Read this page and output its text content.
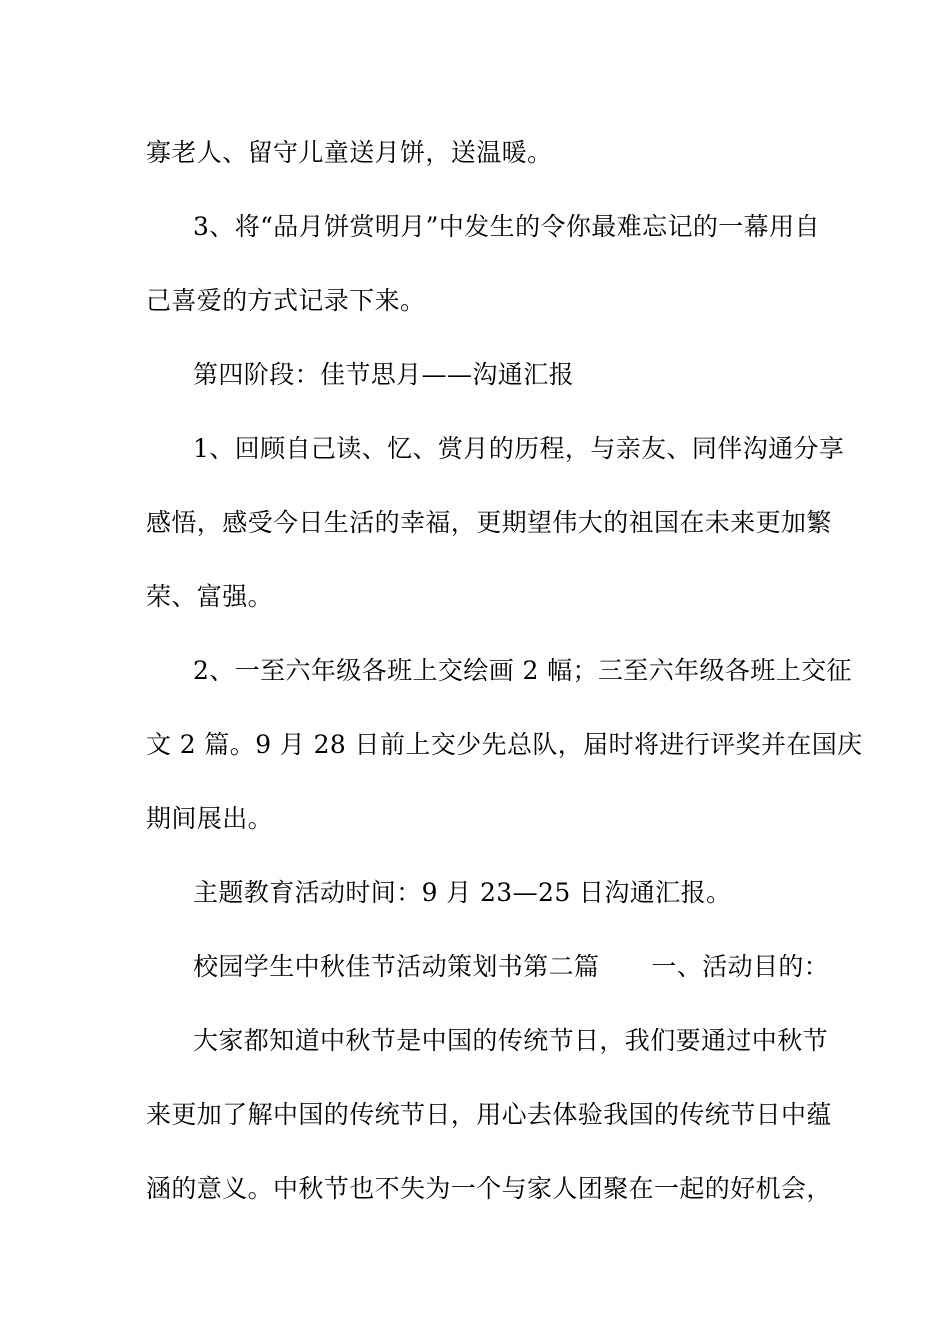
寡老人、留守儿童送月饼，送温暖。
3、将“品月饼赏明月”中发生的令你最难忘记的一幕用自
己喜爱的方式记录下来。
第四阶段：佳节思月——沟通汇报
1、回顾自己读、忆、赏月的历程，与亲友、同伴沟通分享
感悟，感受今日生活的幸福，更期望伟大的祖国在未来更加繁
荣、富强。
2、一至六年级各班上交绘画 2 幅；三至六年级各班上交征
文 2 篇。9 月 28 日前上交少先总队，届时将进行评奖并在国庆
期间展出。
主题教育活动时间：9 月 23—25 日沟通汇报。
校园学生中秋佳节活动策划书第二篇 一、活动目的：
大家都知道中秋节是中国的传统节日，我们要通过中秋节
来更加了解中国的传统节日，用心去体验我国的传统节日中蕴
涵的意义。中秋节也不失为一个与家人团聚在一起的好机会，
